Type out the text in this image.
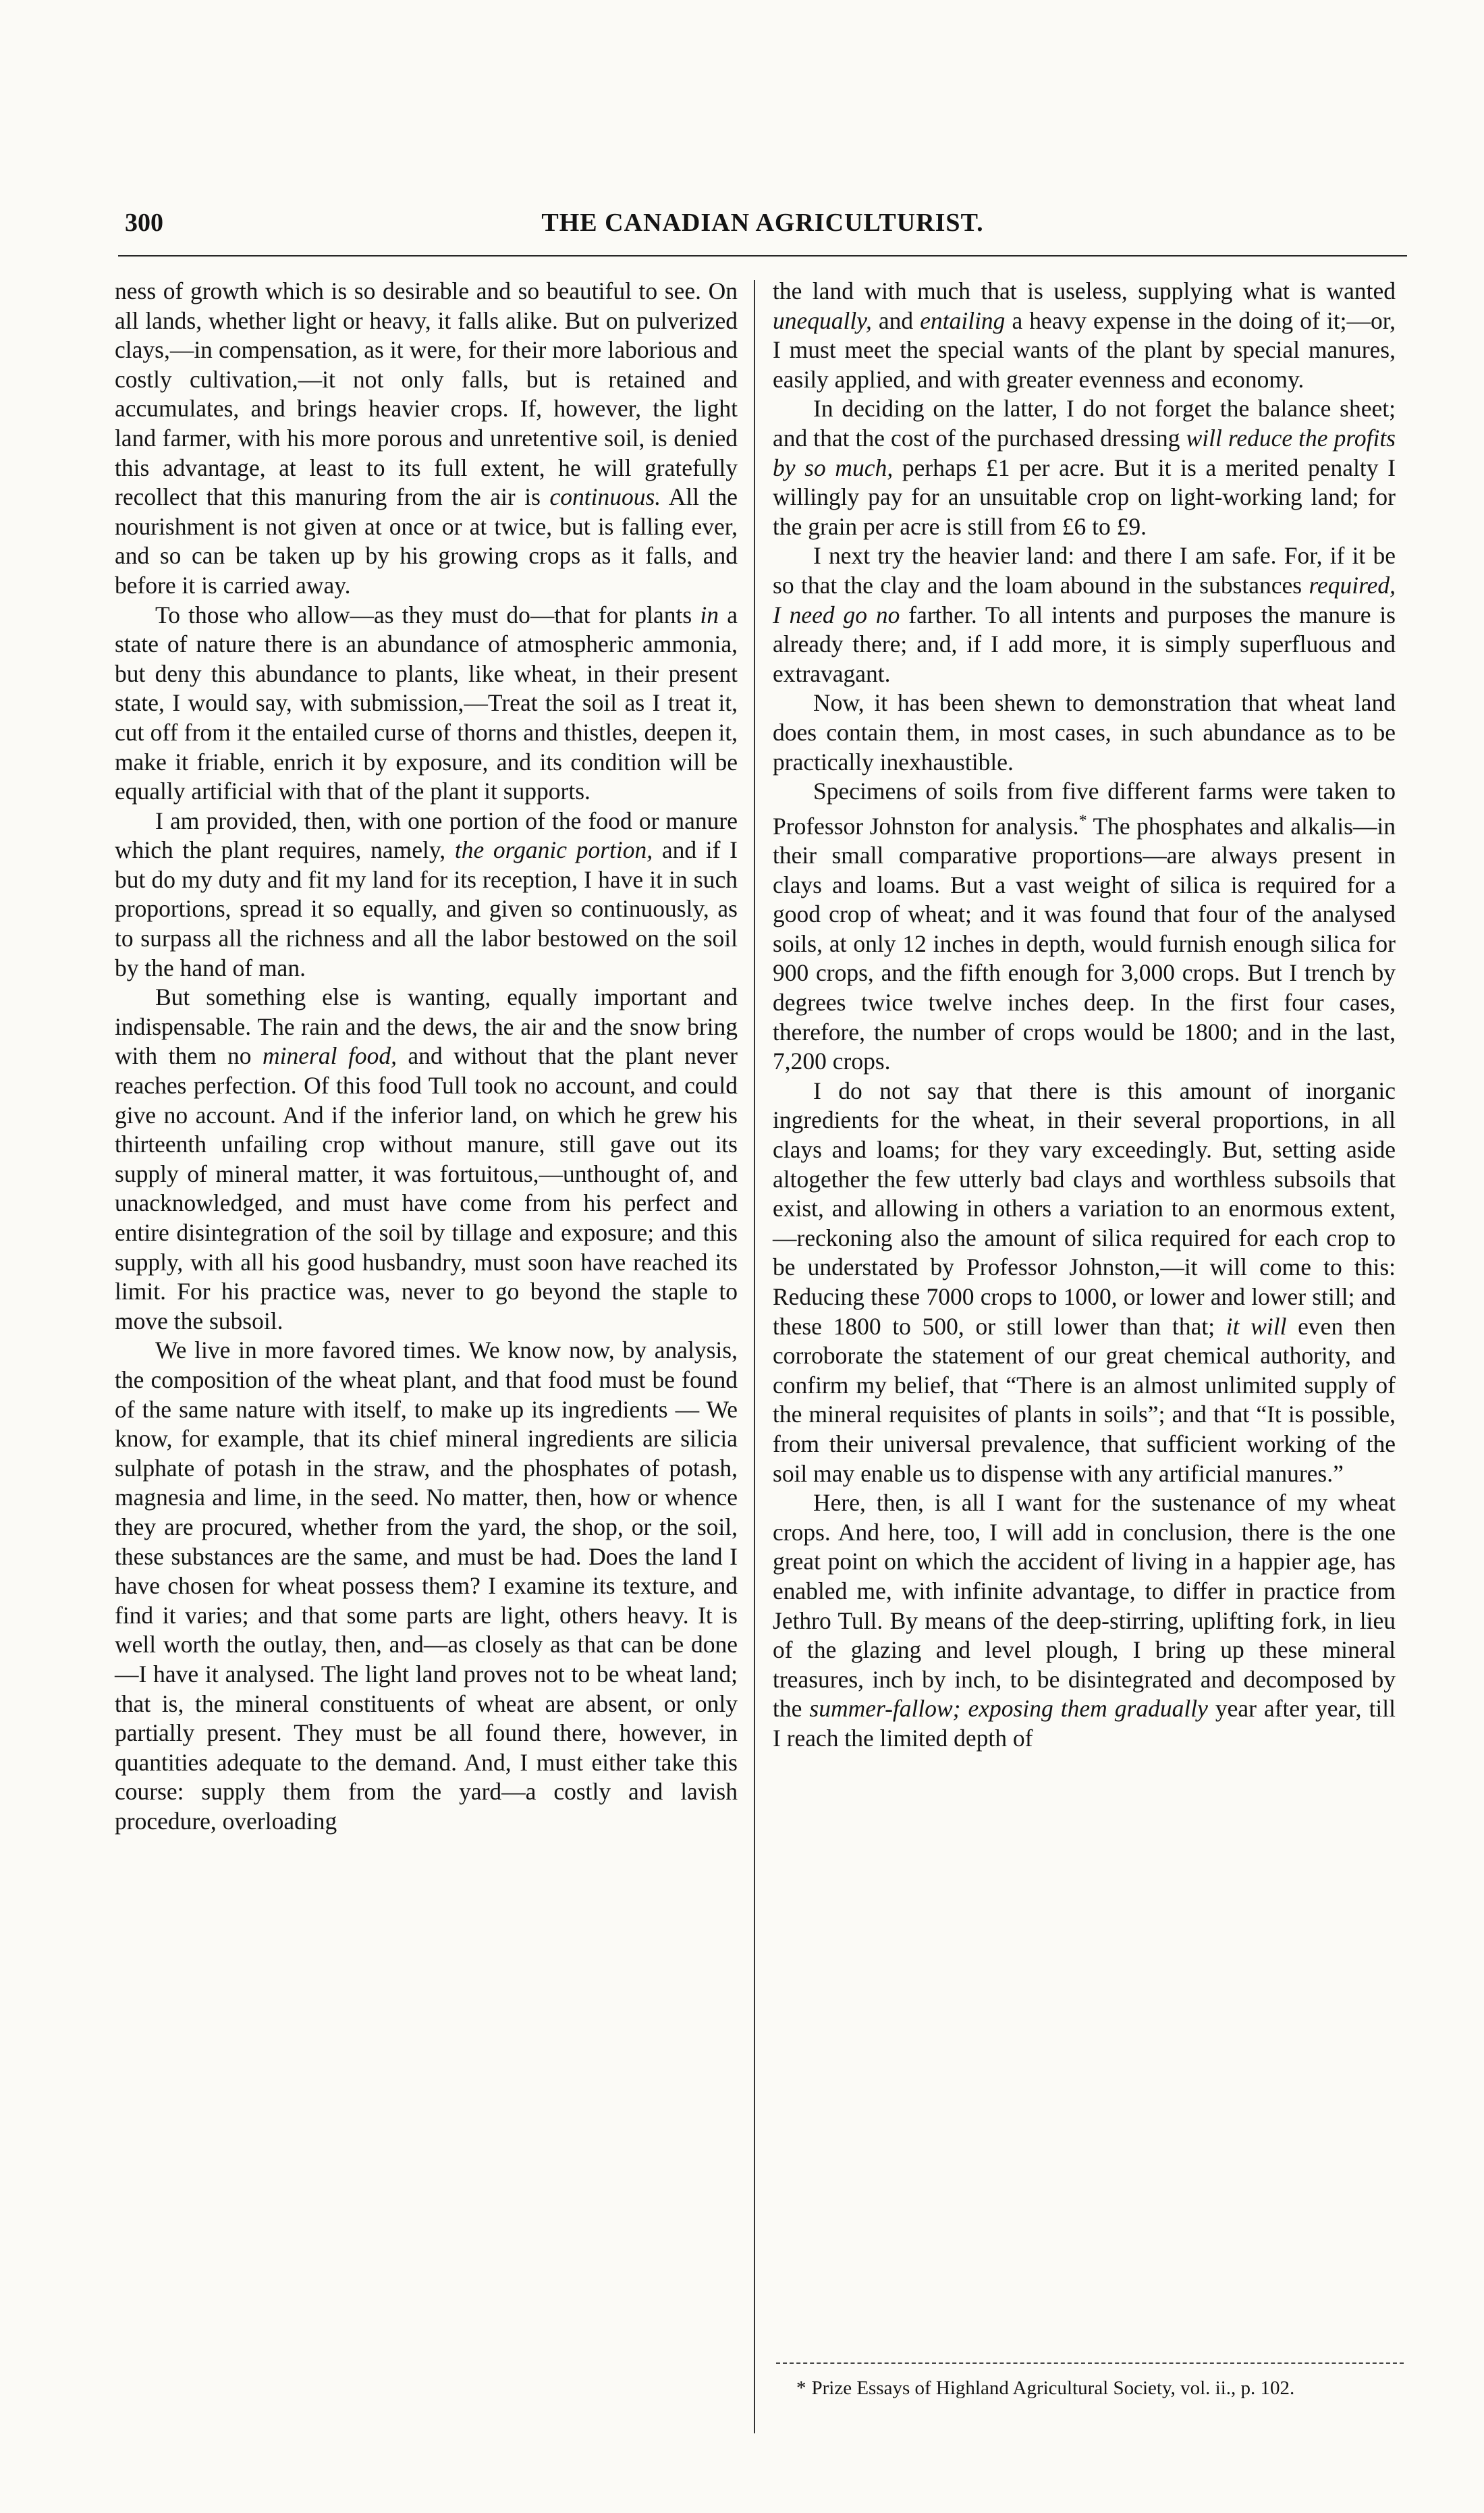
300	THE CANADIAN AGRICULTURIST.

ness of growth which is so desirable and so beautiful to see. On all lands, whether light or heavy, it falls alike. But on pulverized clays,—in compensation, as it were, for their more laborious and costly cultivation,—it not only falls, but is retained and accumulates, and brings heavier crops. If, however, the light land farmer, with his more porous and unretentive soil, is denied this advantage, at least to its full extent, he will gratefully recollect that this manuring from the air is continuous. All the nourishment is not given at once or at twice, but is falling ever, and so can be taken up by his growing crops as it falls, and before it is carried away.

To those who allow—as they must do—that for plants in a state of nature there is an abundance of atmospheric ammonia, but deny this abundance to plants, like wheat, in their present state, I would say, with submission,—Treat the soil as I treat it, cut off from it the entailed curse of thorns and thistles, deepen it, make it friable, enrich it by exposure, and its condition will be equally artificial with that of the plant it supports.

I am provided, then, with one portion of the food or manure which the plant requires, namely, the organic portion, and if I but do my duty and fit my land for its reception, I have it in such proportions, spread it so equally, and given so continuously, as to surpass all the richness and all the labor bestowed on the soil by the hand of man.

But something else is wanting, equally important and indispensable. The rain and the dews, the air and the snow bring with them no mineral food, and without that the plant never reaches perfection. Of this food Tull took no account, and could give no account. And if the inferior land, on which he grew his thirteenth unfailing crop without manure, still gave out its supply of mineral matter, it was fortuitous,—unthought of, and unacknowledged, and must have come from his perfect and entire disintegration of the soil by tillage and exposure; and this supply, with all his good husbandry, must soon have reached its limit. For his practice was, never to go beyond the staple to move the subsoil.

We live in more favored times. We know now, by analysis, the composition of the wheat plant, and that food must be found of the same nature with itself, to make up its ingredients — We know, for example, that its chief mineral ingredients are silicia sulphate of potash in the straw, and the phosphates of potash, magnesia and lime, in the seed. No matter, then, how or whence they are procured, whether from the yard, the shop, or the soil, these substances are the same, and must be had. Does the land I have chosen for wheat possess them? I examine its texture, and find it varies; and that some parts are light, others heavy. It is well worth the outlay, then, and—as closely as that can be done —I have it analysed. The light land proves not to be wheat land; that is, the mineral constituents of wheat are absent, or only partially present. They must be all found there, however, in quantities adequate to the demand. And, I must either take this course: supply them from the yard—a costly and lavish procedure, overloading

the land with much that is useless, supplying what is wanted unequally, and entailing a heavy expense in the doing of it;—or, I must meet the special wants of the plant by special manures, easily applied, and with greater evenness and economy.

In deciding on the latter, I do not forget the balance sheet; and that the cost of the purchased dressing will reduce the profits by so much, perhaps £1 per acre. But it is a merited penalty I willingly pay for an unsuitable crop on light-working land; for the grain per acre is still from £6 to £9.

I next try the heavier land: and there I am safe. For, if it be so that the clay and the loam abound in the substances required, I need go no farther. To all intents and purposes the manure is already there; and, if I add more, it is simply superfluous and extravagant.

Now, it has been shewn to demonstration that wheat land does contain them, in most cases, in such abundance as to be practically inexhaustible.

Specimens of soils from five different farms were taken to Professor Johnston for analysis.* The phosphates and alkalis—in their small comparative proportions—are always present in clays and loams. But a vast weight of silica is required for a good crop of wheat; and it was found that four of the analysed soils, at only 12 inches in depth, would furnish enough silica for 900 crops, and the fifth enough for 3,000 crops. But I trench by degrees twice twelve inches deep. In the first four cases, therefore, the number of crops would be 1800; and in the last, 7,200 crops.

I do not say that there is this amount of inorganic ingredients for the wheat, in their several proportions, in all clays and loams; for they vary exceedingly. But, setting aside altogether the few utterly bad clays and worthless subsoils that exist, and allowing in others a variation to an enormous extent,—reckoning also the amount of silica required for each crop to be understated by Professor Johnston,—it will come to this: Reducing these 7000 crops to 1000, or lower and lower still; and these 1800 to 500, or still lower than that; it will even then corroborate the statement of our great chemical authority, and confirm my belief, that “There is an almost unlimited supply of the mineral requisites of plants in soils”; and that “It is possible, from their universal prevalence, that sufficient working of the soil may enable us to dispense with any artificial manures.”

Here, then, is all I want for the sustenance of my wheat crops. And here, too, I will add in conclusion, there is the one great point on which the accident of living in a happier age, has enabled me, with infinite advantage, to differ in practice from Jethro Tull. By means of the deep-stirring, uplifting fork, in lieu of the glazing and level plough, I bring up these mineral treasures, inch by inch, to be disintegrated and decomposed by the summer-fallow; exposing them gradually year after year, till I reach the limited depth of

* Prize Essays of Highland Agricultural Society, vol. ii., p. 102.
